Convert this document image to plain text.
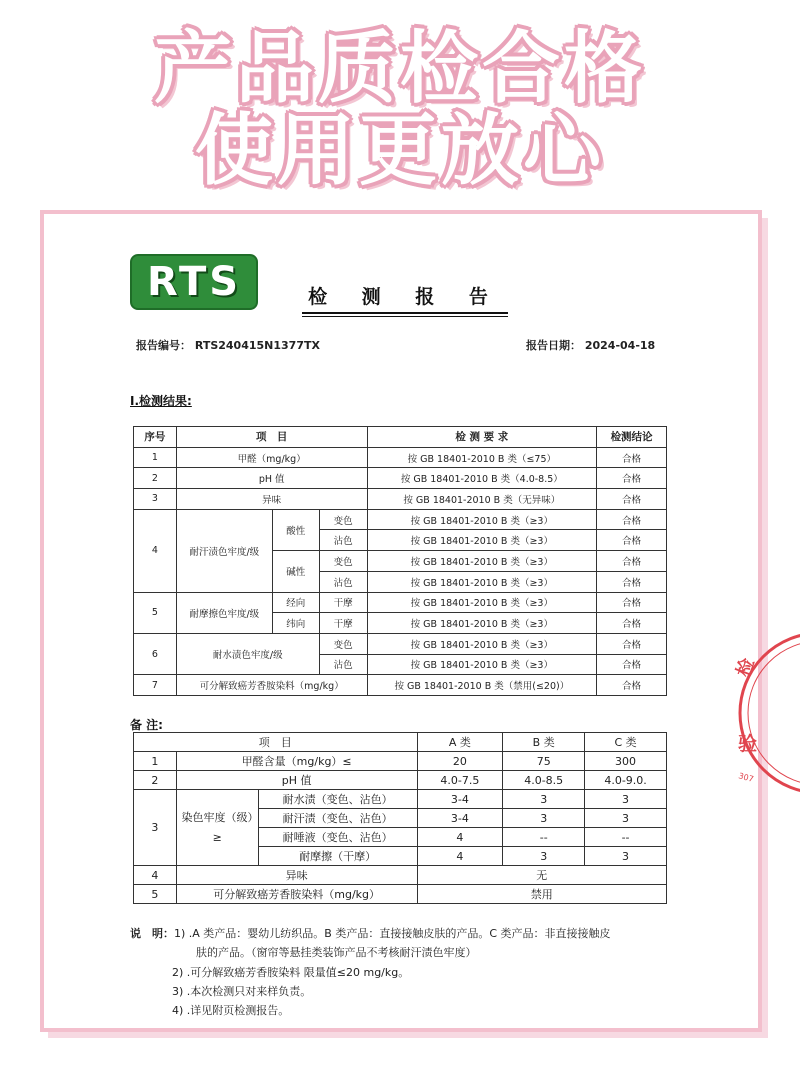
产品质检合格
使用更放心
RTS	检 测 报 告
报告编号： RTS240415N1377TX	报告日期： 2024-04-18
I.检测结果:
序号	项　目			检 测 要 求	检测结论
1	甲醛（mg/kg）			按 GB 18401-2010 B 类（≤75）	合格
2	pH 值			按 GB 18401-2010 B 类（4.0-8.5）	合格
3	异味			按 GB 18401-2010 B 类（无异味）	合格
4	耐汗渍色牢度/级	酸性	变色	按 GB 18401-2010 B 类（≥3）	合格
			沾色	按 GB 18401-2010 B 类（≥3）	合格
		碱性	变色	按 GB 18401-2010 B 类（≥3）	合格
			沾色	按 GB 18401-2010 B 类（≥3）	合格
5	耐摩擦色牢度/级	经向	干摩	按 GB 18401-2010 B 类（≥3）	合格
		纬向	干摩	按 GB 18401-2010 B 类（≥3）	合格
6	耐水渍色牢度/级		变色	按 GB 18401-2010 B 类（≥3）	合格
			沾色	按 GB 18401-2010 B 类（≥3）	合格
7	可分解致癌芳香胺染料（mg/kg）			按 GB 18401-2010 B 类（禁用(≤20)）	合格
备 注:
项　目			A 类	B 类	C 类
1	甲醛含量（mg/kg）≤		20	75	300
2	pH 值		4.0-7.5	4.0-8.5	4.0-9.0.
3	染色牢度（级）≥	耐水渍（变色、沾色）	3-4	3	3
		耐汗渍（变色、沾色）	3-4	3	3
		耐唾液（变色、沾色）	4	--	--
		耐摩擦（干摩）	4	3	3
4	异味		无		
5	可分解致癌芳香胺染料（mg/kg）		禁用		
说　明：1) .A 类产品：婴幼儿纺织品。B 类产品：直接接触皮肤的产品。C 类产品：非直接接触皮
肤的产品。（窗帘等悬挂类装饰产品不考核耐汗渍色牢度）
2) .可分解致癌芳香胺染料 限量值≤20 mg/kg。
3) .本次检测只对来样负责。
4) .详见附页检测报告。
检
验
307
